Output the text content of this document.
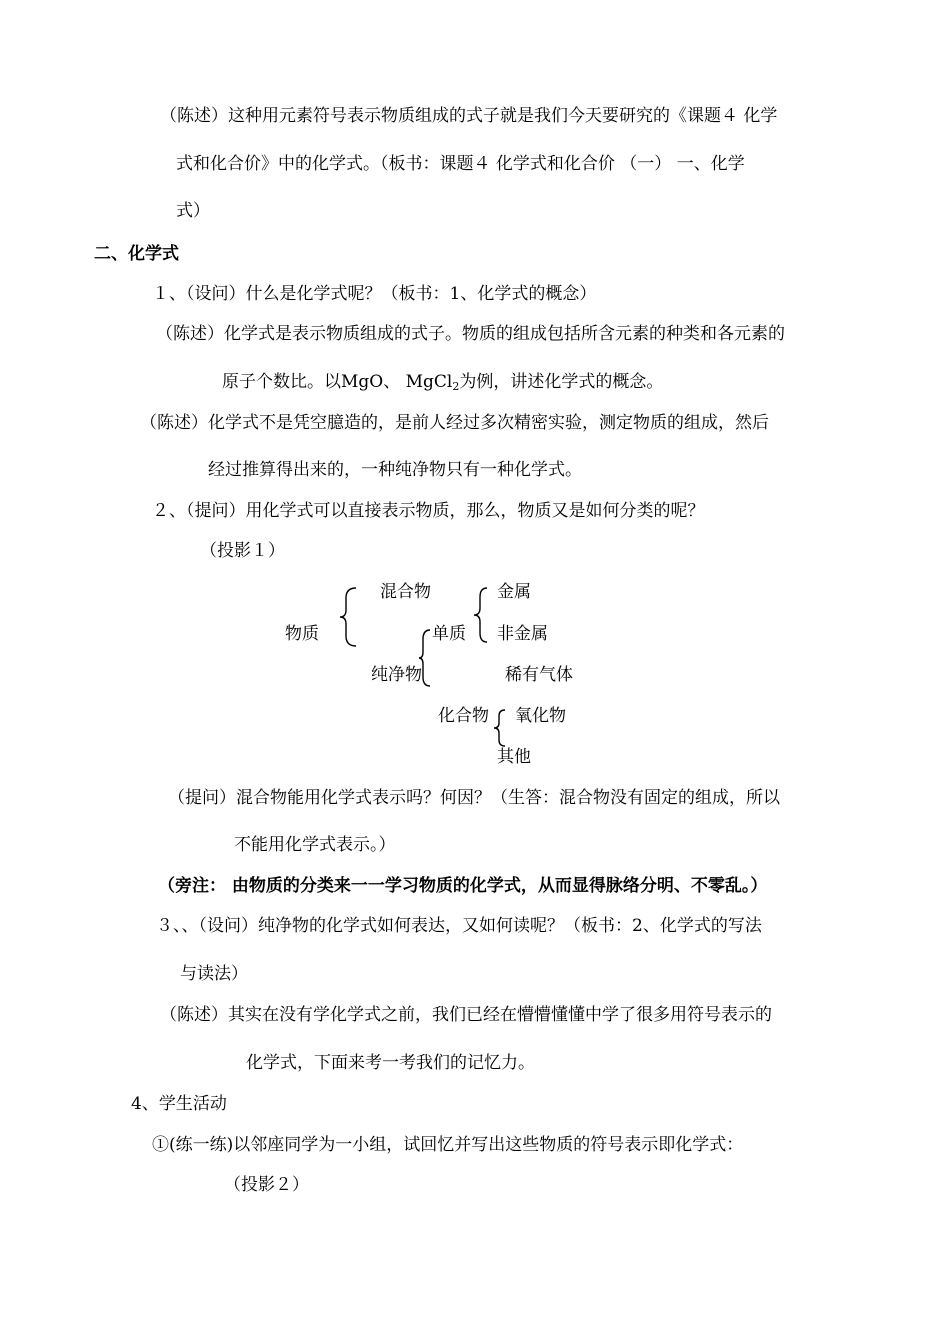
（陈述）这种用元素符号表示物质组成的式子就是我们今天要研究的《课题４ 化学
式和化合价》中的化学式。（板书：课题４ 化学式和化合价 （一） 一、化学
式）
二、化学式
１、（设问）什么是化学式呢？（板书：1、化学式的概念）
（陈述）化学式是表示物质组成的式子。物质的组成包括所含元素的种类和各元素的
原子个数比。以MgO、 MgCl$_2$为例，讲述化学式的概念。
（陈述）化学式不是凭空臆造的，是前人经过多次精密实验，测定物质的组成，然后
经过推算得出来的，一种纯净物只有一种化学式。
２、（提问）用化学式可以直接表示物质，那么，物质又是如何分类的呢？
（投影１）
物质
混合物
纯净物
单质
金属
非金属
稀有气体
化合物 氧化物
其他
（提问）混合物能用化学式表示吗？何因？（生答：混合物没有固定的组成，所以
不能用化学式表示。）
（旁注： 由物质的分类来一一学习物质的化学式，从而显得脉络分明、不零乱。）
３、、（设问）纯净物的化学式如何表达，又如何读呢？（板书：2、化学式的写法
与读法）
（陈述）其实在没有学化学式之前，我们已经在懵懵懂懂中学了很多用符号表示的
化学式，下面来考一考我们的记忆力。
4、学生活动
①(练一练)以邻座同学为一小组，试回忆并写出这些物质的符号表示即化学式：
（投影２）
